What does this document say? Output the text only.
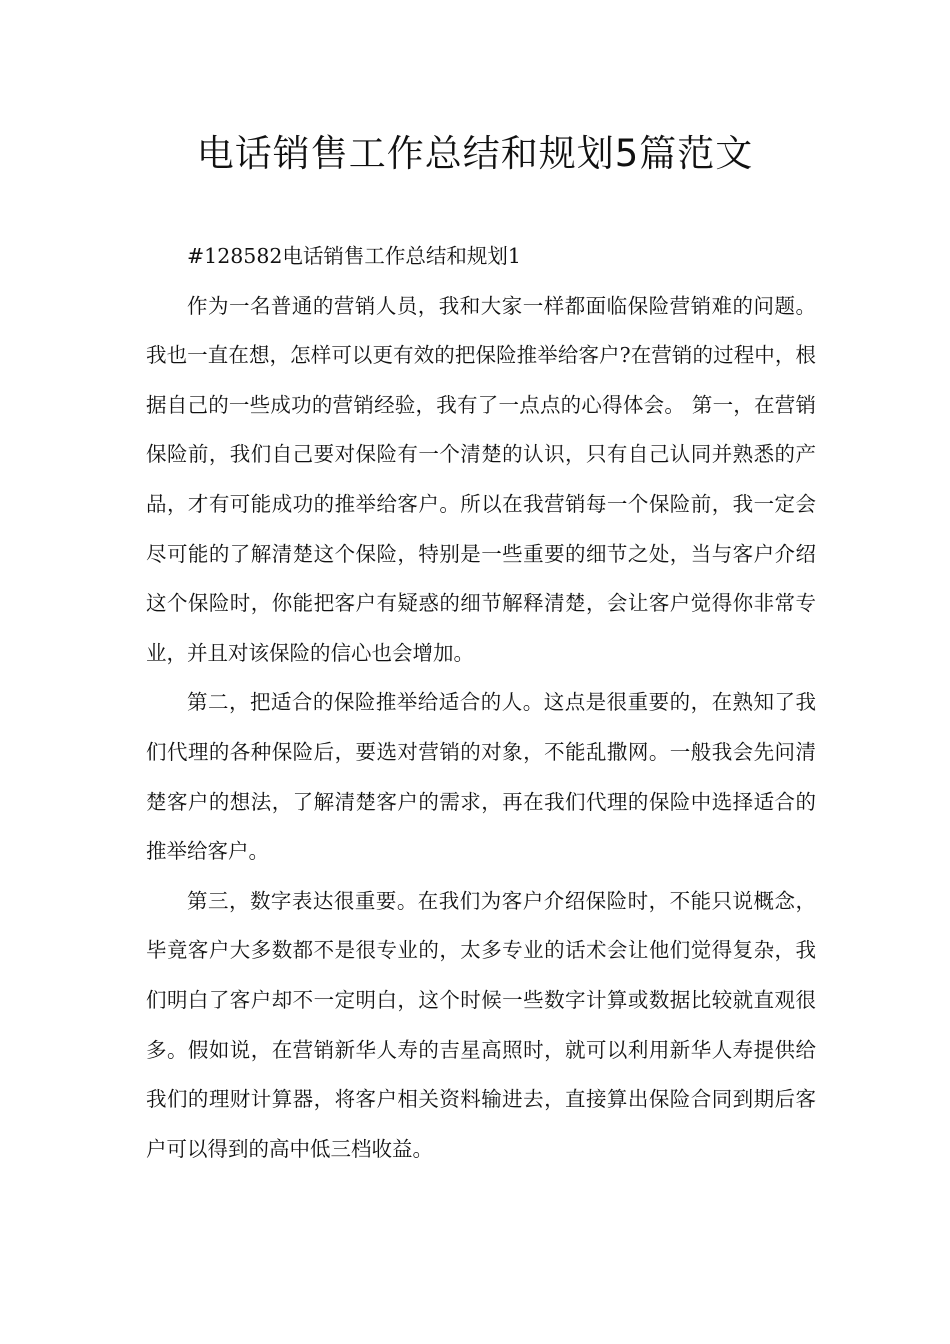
电话销售工作总结和规划5篇范文

#128582电话销售工作总结和规划1

作为一名普通的营销人员，我和大家一样都面临保险营销难的问题。我也一直在想，怎样可以更有效的把保险推举给客户?在营销的过程中，根据自己的一些成功的营销经验，我有了一点点的心得体会。 第一，在营销保险前，我们自己要对保险有一个清楚的认识，只有自己认同并熟悉的产品，才有可能成功的推举给客户。所以在我营销每一个保险前，我一定会尽可能的了解清楚这个保险，特别是一些重要的细节之处，当与客户介绍这个保险时，你能把客户有疑惑的细节解释清楚，会让客户觉得你非常专业，并且对该保险的信心也会增加。

第二，把适合的保险推举给适合的人。这点是很重要的，在熟知了我们代理的各种保险后，要选对营销的对象，不能乱撒网。一般我会先问清楚客户的想法，了解清楚客户的需求，再在我们代理的保险中选择适合的推举给客户。

第三，数字表达很重要。在我们为客户介绍保险时，不能只说概念，毕竟客户大多数都不是很专业的，太多专业的话术会让他们觉得复杂，我们明白了客户却不一定明白，这个时候一些数字计算或数据比较就直观很多。假如说，在营销新华人寿的吉星高照时，就可以利用新华人寿提供给我们的理财计算器，将客户相关资料输进去，直接算出保险合同到期后客户可以得到的高中低三档收益。
